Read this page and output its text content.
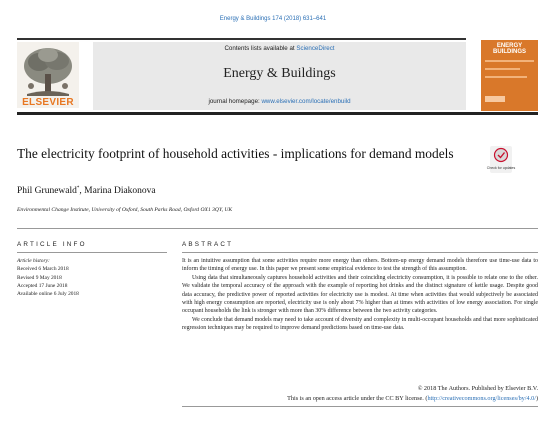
Energy & Buildings 174 (2018) 631–641
ELSEVIER
Contents lists available at ScienceDirect
Energy & Buildings
journal homepage: www.elsevier.com/locate/enbuild
ENERGY
BUILDINGS
The electricity footprint of household activities - implications for demand models
Check for updates
Phil Grunewald*, Marina Diakonova
Environmental Change Institute, University of Oxford, South Parks Road, Oxford OX1 3QY, UK
ARTICLE INFO	ABSTRACT
Article history:
Received 6 March 2018
Revised 9 May 2018
Accepted 17 June 2018
Available online 6 July 2018

It is an intuitive assumption that some activities require more energy than others. Bottom-up energy demand models therefore use time-use data to inform the timing of energy use. In this paper we present some empirical evidence to test the strength of this assumption.

Using data that simultaneously captures household activities and their coinciding electricity consumption, it is possible to relate one to the other. We validate the temporal accuracy of the approach with the example of reporting hot drinks and the distinct signature of kettle usage. Despite good data accuracy, the predictive power of reported activities for electricity use is modest. At time when activities that would subjectively be associated with high energy consumption are reported, electricity use is only about 7% higher than at times with activities of low energy association. For single occupant households the link is stronger with more than 30% difference between the two activity categories.

We conclude that demand models may need to take account of diversity and complexity in multi-occupant households and that more sophisticated regression techniques may be required to improve demand predictions based on time-use data.

© 2018 The Authors. Published by Elsevier B.V.
This is an open access article under the CC BY license. (http://creativecommons.org/licenses/by/4.0/)
